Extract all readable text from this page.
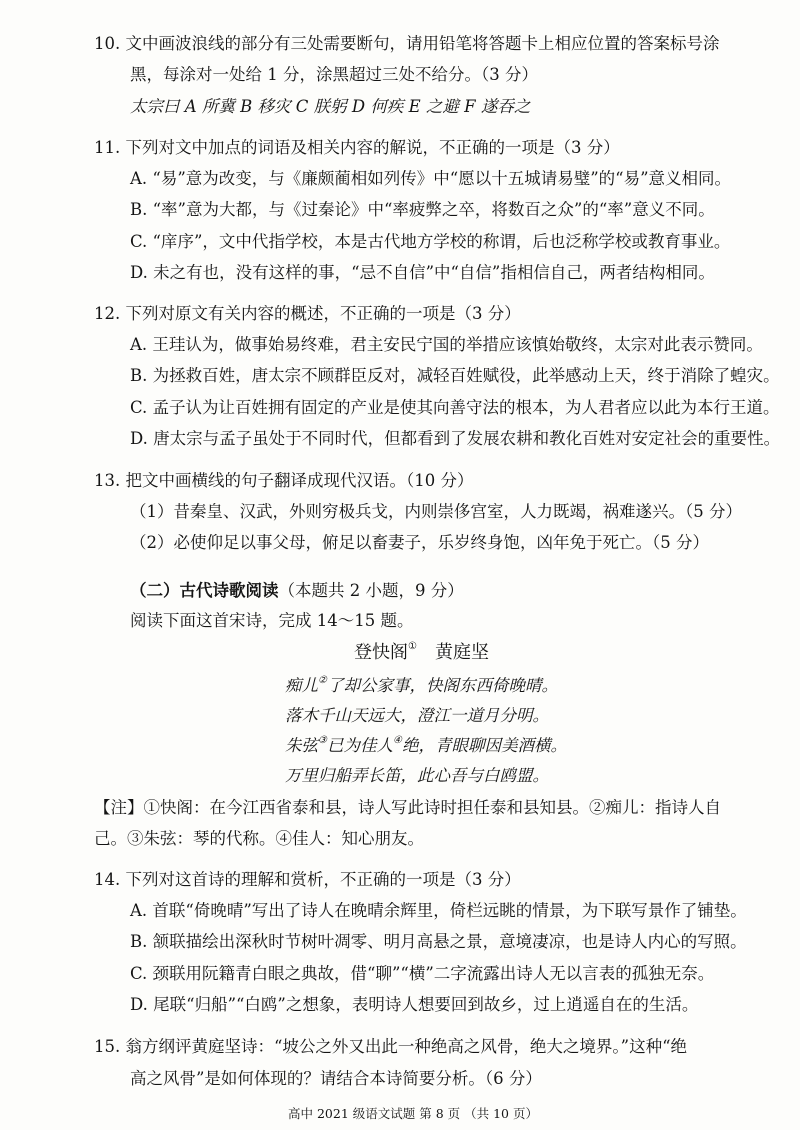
10. 文中画波浪线的部分有三处需要断句，请用铅笔将答题卡上相应位置的答案标号涂
黑，每涂对一处给 1 分，涂黑超过三处不给分。（3 分）
太宗曰 A 所冀 B 移灾 C 朕躬 D 何疾 E 之避 F 遂吞之
11. 下列对文中加点的词语及相关内容的解说，不正确的一项是（3 分）
A. “易”意为改变，与《廉颇蔺相如列传》中“愿以十五城请易璧”的“易”意义相同。
B. “率”意为大都，与《过秦论》中“率疲弊之卒，将数百之众”的“率”意义不同。
C. “庠序”，文中代指学校，本是古代地方学校的称谓，后也泛称学校或教育事业。
D. 未之有也，没有这样的事，“忌不自信”中“自信”指相信自己，两者结构相同。
12. 下列对原文有关内容的概述，不正确的一项是（3 分）
A. 王珪认为，做事始易终难，君主安民宁国的举措应该慎始敬终，太宗对此表示赞同。
B. 为拯救百姓，唐太宗不顾群臣反对，减轻百姓赋役，此举感动上天，终于消除了蝗灾。
C. 孟子认为让百姓拥有固定的产业是使其向善守法的根本，为人君者应以此为本行王道。
D. 唐太宗与孟子虽处于不同时代，但都看到了发展农耕和教化百姓对安定社会的重要性。
13. 把文中画横线的句子翻译成现代汉语。（10 分）
（1）昔秦皇、汉武，外则穷极兵戈，内则崇侈宫室，人力既竭，祸难遂兴。（5 分）
（2）必使仰足以事父母，俯足以畜妻子，乐岁终身饱，凶年免于死亡。（5 分）
（二）古代诗歌阅读（本题共 2 小题，9 分）
阅读下面这首宋诗，完成 14～15 题。
登快阁① 黄庭坚
痴儿②了却公家事，快阁东西倚晚晴。
落木千山天远大，澄江一道月分明。
朱弦③已为佳人④绝，青眼聊因美酒横。
万里归船弄长笛，此心吾与白鸥盟。
【注】①快阁：在今江西省泰和县，诗人写此诗时担任泰和县知县。②痴儿：指诗人自
己。③朱弦：琴的代称。④佳人：知心朋友。
14. 下列对这首诗的理解和赏析，不正确的一项是（3 分）
A. 首联“倚晚晴”写出了诗人在晚晴余辉里，倚栏远眺的情景，为下联写景作了铺垫。
B. 颔联描绘出深秋时节树叶凋零、明月高悬之景，意境凄凉，也是诗人内心的写照。
C. 颈联用阮籍青白眼之典故，借“聊”“横”二字流露出诗人无以言表的孤独无奈。
D. 尾联“归船”“白鸥”之想象，表明诗人想要回到故乡，过上逍遥自在的生活。
15. 翁方纲评黄庭坚诗：“坡公之外又出此一种绝高之风骨，绝大之境界。”这种“绝
高之风骨”是如何体现的？请结合本诗简要分析。（6 分）
高中 2021 级语文试题 第 8 页 （共 10 页）
